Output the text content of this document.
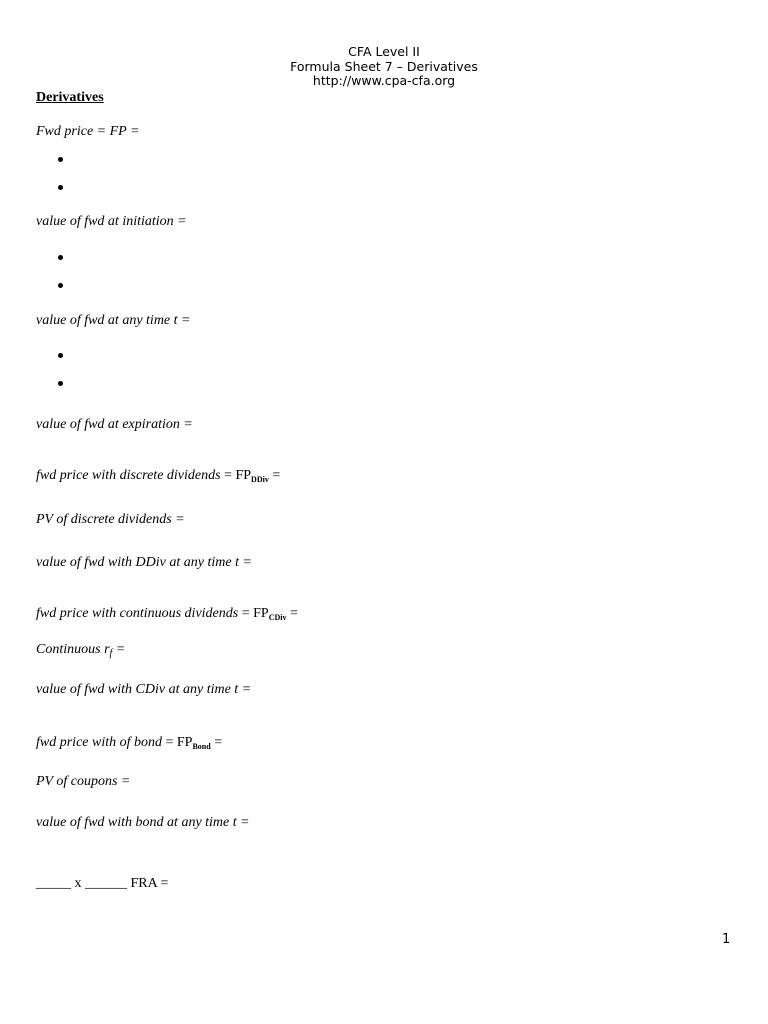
CFA Level II
Formula Sheet 7 – Derivatives
http://www.cpa-cfa.org
Derivatives
Fwd price = FP =
value of fwd at initiation =
value of fwd at any time t =
value of fwd at expiration =
fwd price with discrete dividends = $FP_{DDiv}$ =
PV of discrete dividends =
value of fwd with DDiv at any time t =
fwd price with continuous dividends = $FP_{CDiv}$ =
Continuous $r_f$ =
value of fwd with CDiv at any time t =
fwd price with of bond = $FP_{Bond}$ =
PV of coupons =
value of fwd with bond at any time t =
_____ x ______ FRA =
1
